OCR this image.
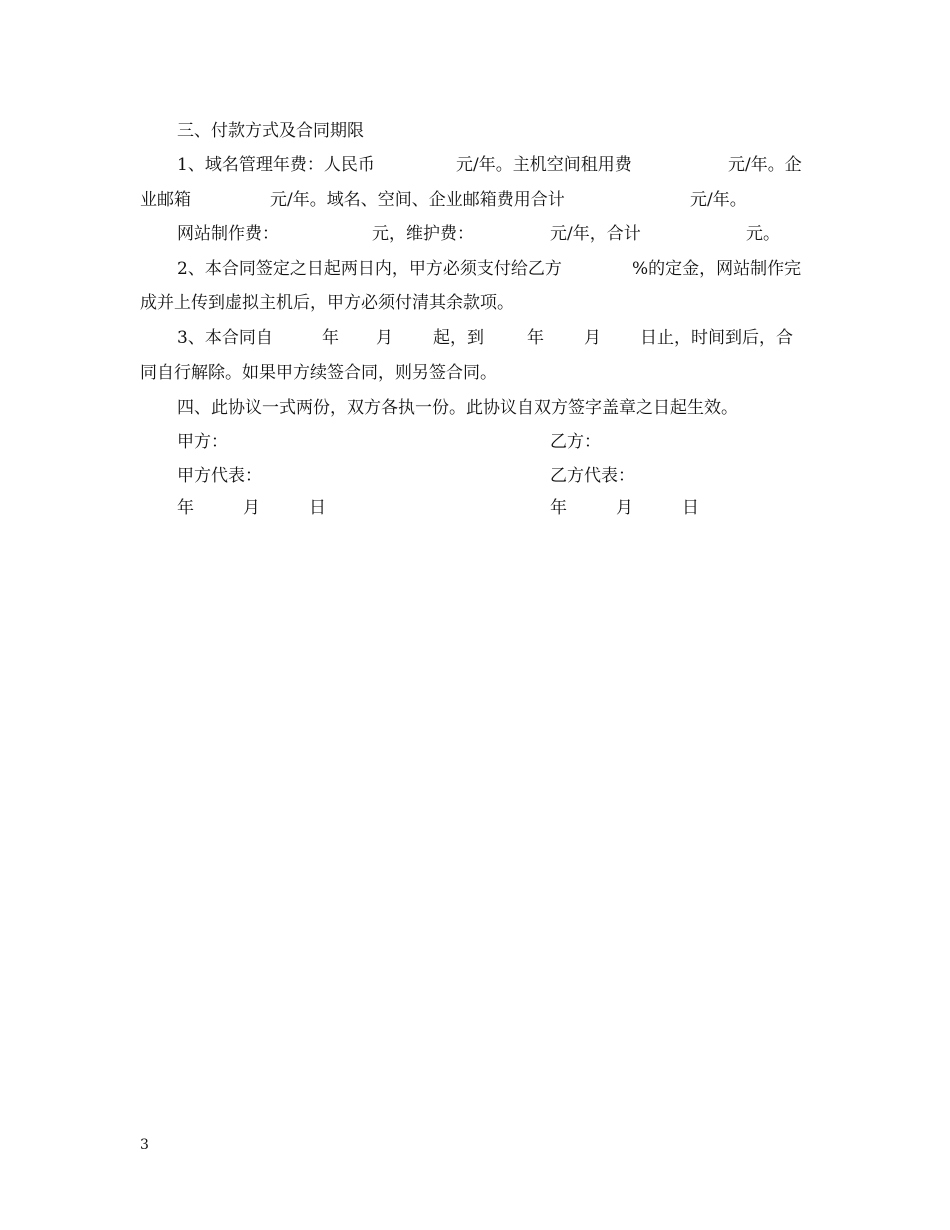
三、付款方式及合同期限
1、域名管理年费：人民币	元/年。主机空间租用费	元/年。企
业邮箱	元/年。域名、空间、企业邮箱费用合计	元/年。
网站制作费：	元，维护费：	元/年，合计	元。
2、本合同签定之日起两日内，甲方必须支付给乙方	%的定金，网站制作完
成并上传到虚拟主机后，甲方必须付清其余款项。
3、本合同自	年 月 起，到	年 月 日止，时间到后，合
同自行解除。如果甲方续签合同，则另签合同。
四、此协议一式两份，双方各执一份。此协议自双方签字盖章之日起生效。
甲方：	乙方：
甲方代表：	乙方代表：
年	月	日	年	月	日
3
